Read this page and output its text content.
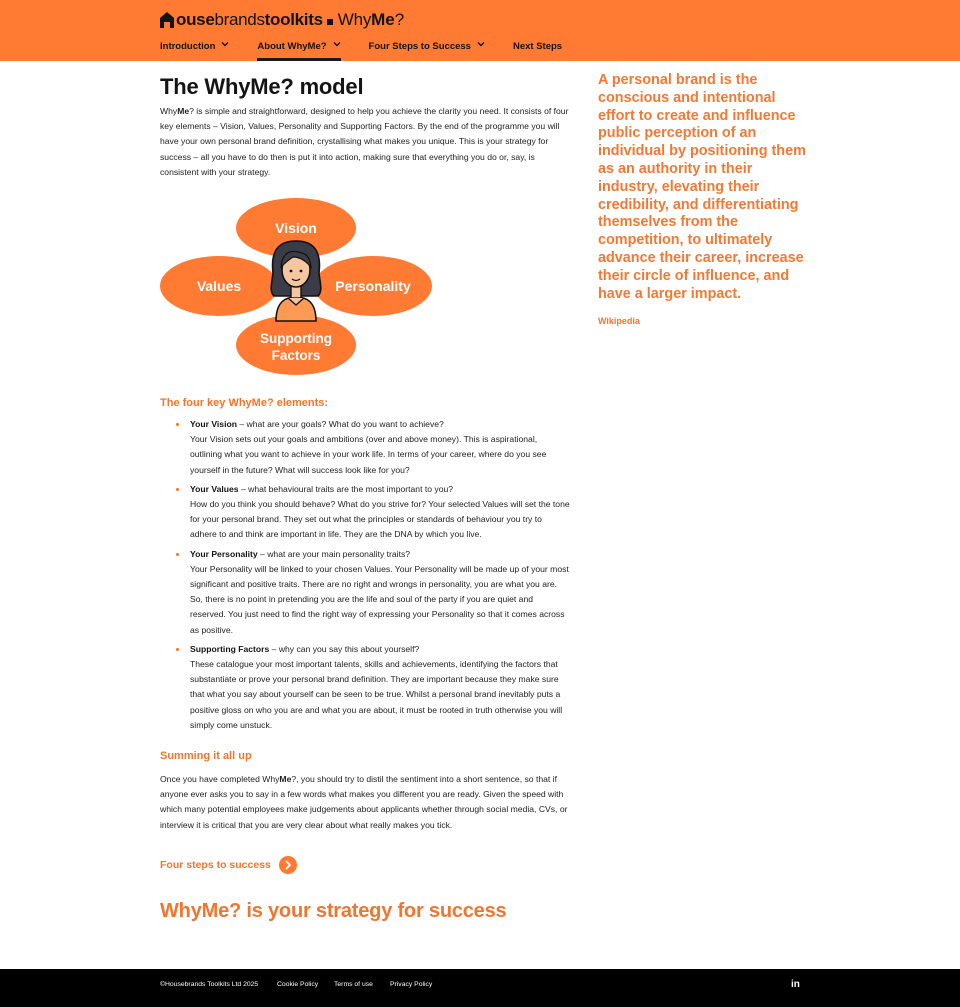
ouse brands toolkits Why Me ?
Introduction	About WhyMe?	Four Steps to Success	Next Steps
The WhyMe? model

WhyMe? is simple and straightforward, designed to help you achieve the clarity you need. It consists of four key elements – Vision, Values, Personality and Supporting Factors. By the end of the programme you will have your own personal brand definition, crystallising what makes you unique. This is your strategy for success – all you have to do then is put it into action, making sure that everything you do or, say, is consistent with your strategy.

Vision
Values	Personality
Supporting
Factors
The four key WhyMe? elements:
Your Vision – what are your goals? What do you want to achieve?
Your Vision sets out your goals and ambitions (over and above money). This is aspirational, outlining what you want to achieve in your work life. In terms of your career, where do you see yourself in the future? What will success look like for you?
Your Values – what behavioural traits are the most important to you?
How do you think you should behave? What do you strive for? Your selected Values will set the tone for your personal brand. They set out what the principles or standards of behaviour you try to adhere to and think are important in life. They are the DNA by which you live.
Your Personality – what are your main personality traits?
Your Personality will be linked to your chosen Values. Your Personality will be made up of your most significant and positive traits. There are no right and wrongs in personality, you are what you are. So, there is no point in pretending you are the life and soul of the party if you are quiet and reserved. You just need to find the right way of expressing your Personality so that it comes across as positive.
Supporting Factors – why can you say this about yourself?
These catalogue your most important talents, skills and achievements, identifying the factors that substantiate or prove your personal brand definition. They are important because they make sure that what you say about yourself can be seen to be true. Whilst a personal brand inevitably puts a positive gloss on who you are and what you are about, it must be rooted in truth otherwise you will simply come unstuck.
Summing it all up

Once you have completed WhyMe?, you should try to distil the sentiment into a short sentence, so that if anyone ever asks you to say in a few words what makes you different you are ready. Given the speed with which many potential employees make judgements about applicants whether through social media, CVs, or interview it is critical that you are very clear about what really makes you tick.

Four steps to success
WhyMe? is your strategy for success
A personal brand is the conscious and intentional effort to create and influence public perception of an individual by positioning them as an authority in their industry, elevating their credibility, and differentiating themselves from the competition, to ultimately advance their career, increase their circle of influence, and have a larger impact.
Wikipedia
©Housebrands Toolkits Ltd 2025	Cookie Policy Terms of use	Privacy Policy	in
